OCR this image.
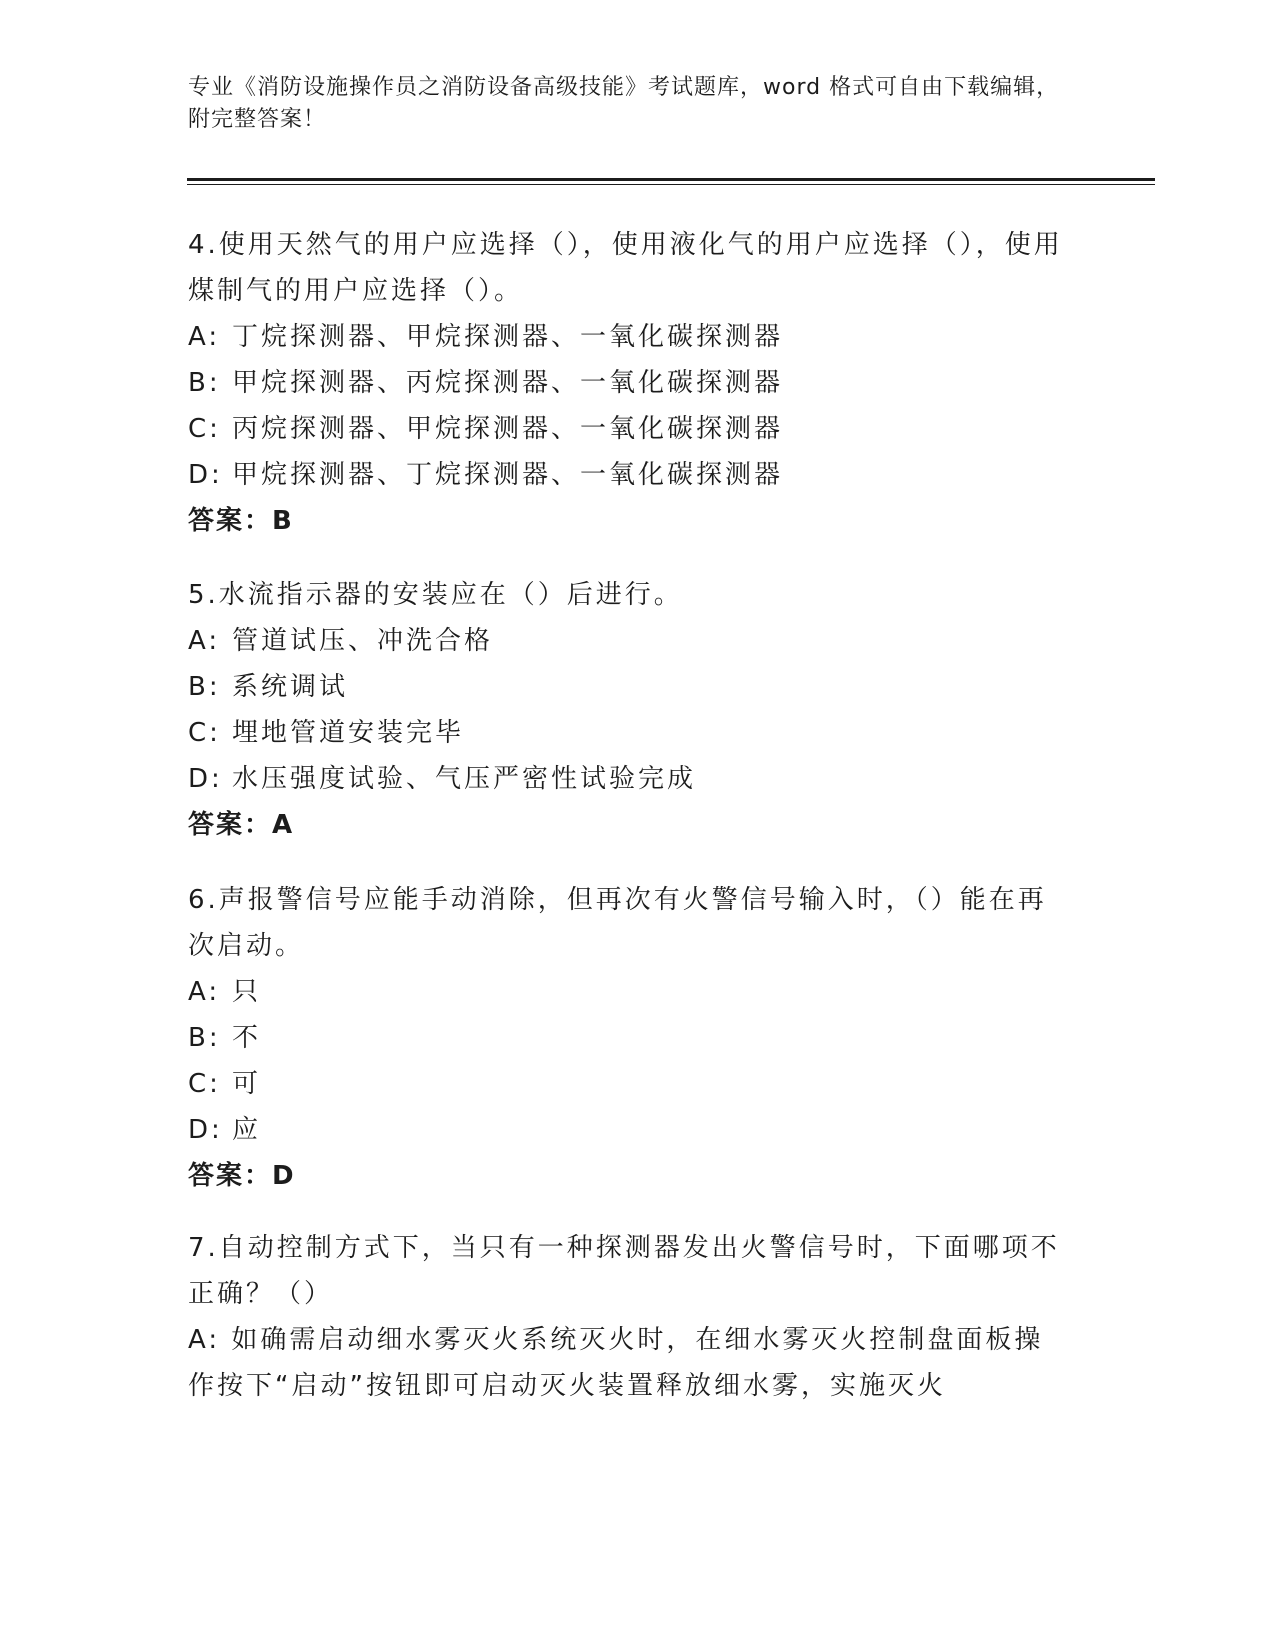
专业《消防设施操作员之消防设备高级技能》考试题库，word 格式可自由下载编辑，附完整答案！

4.使用天然气的用户应选择（），使用液化气的用户应选择（），使用煤制气的用户应选择（）。

A: 丁烷探测器、甲烷探测器、一氧化碳探测器

B: 甲烷探测器、丙烷探测器、一氧化碳探测器

C: 丙烷探测器、甲烷探测器、一氧化碳探测器

D: 甲烷探测器、丁烷探测器、一氧化碳探测器

答案：B

5.水流指示器的安装应在（）后进行。

A: 管道试压、冲洗合格

B: 系统调试

C: 埋地管道安装完毕

D: 水压强度试验、气压严密性试验完成

答案：A

6.声报警信号应能手动消除，但再次有火警信号输入时，（）能在再次启动。

A: 只

B: 不

C: 可

D: 应

答案：D

7.自动控制方式下，当只有一种探测器发出火警信号时，下面哪项不正确？（）

A: 如确需启动细水雾灭火系统灭火时，在细水雾灭火控制盘面板操作按下“启动”按钮即可启动灭火装置释放细水雾，实施灭火
